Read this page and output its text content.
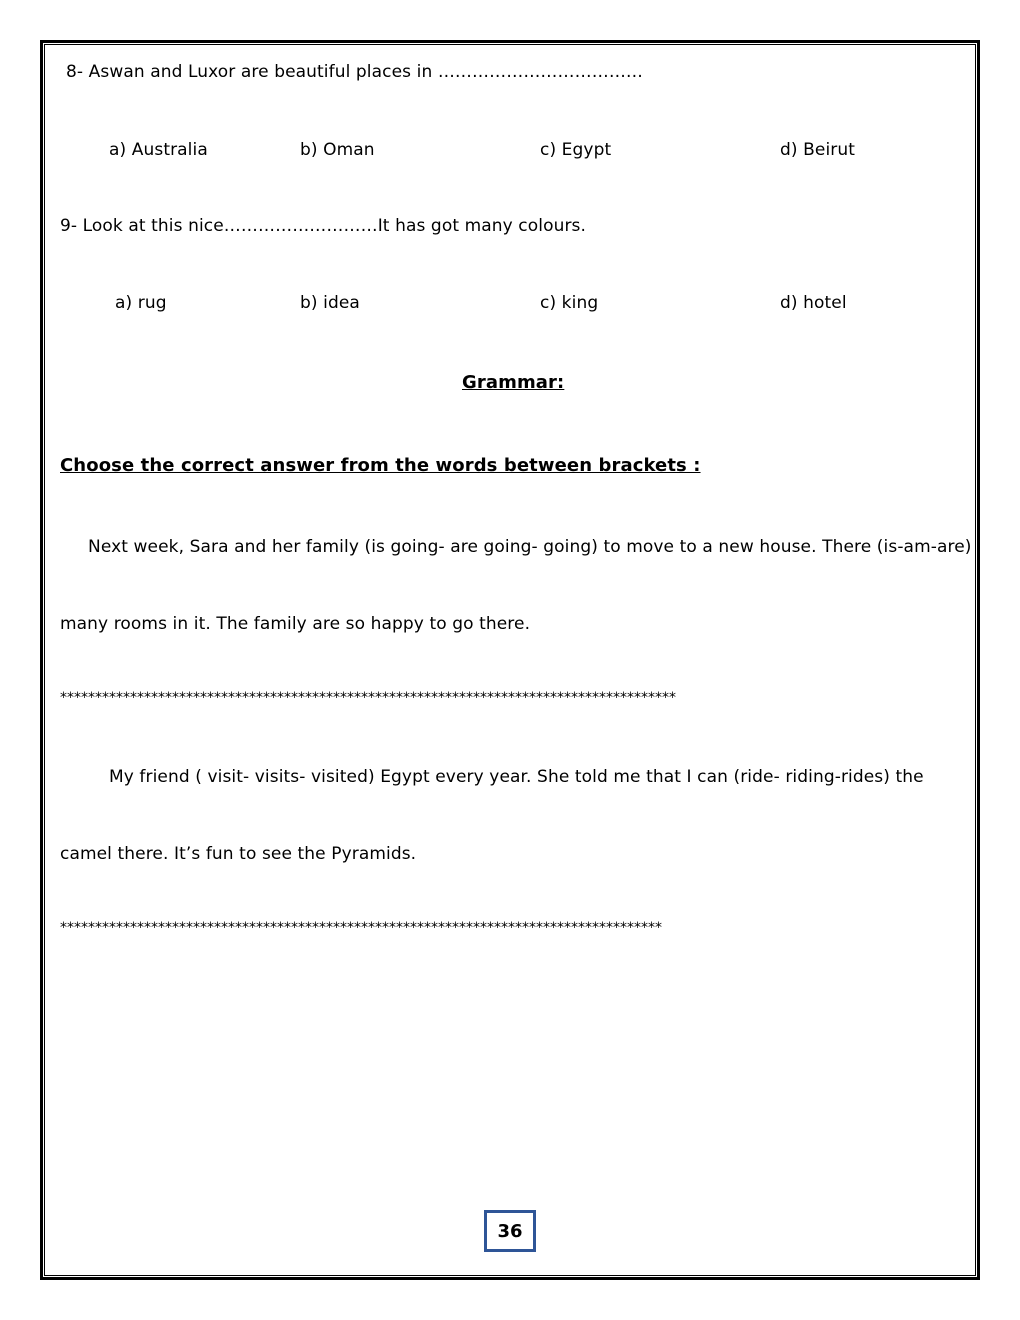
8- Aswan and Luxor are beautiful places in ………………………………
a) Australia	b) Oman	c) Egypt	d) Beirut
9- Look at this nice………………………It has got many colours.
a) rug	b) idea	c) king	d) hotel
Grammar:
Choose the correct answer from the words between brackets :
Next week, Sara and her family (is going- are going- going) to move to a new house. There (is-am-are)
many rooms in it. The family are so happy to go there.
****************************************************************************************
My friend ( visit- visits- visited) Egypt every year. She told me that I can (ride- riding-rides) the
camel there. It’s fun to see the Pyramids.
**************************************************************************************
36
